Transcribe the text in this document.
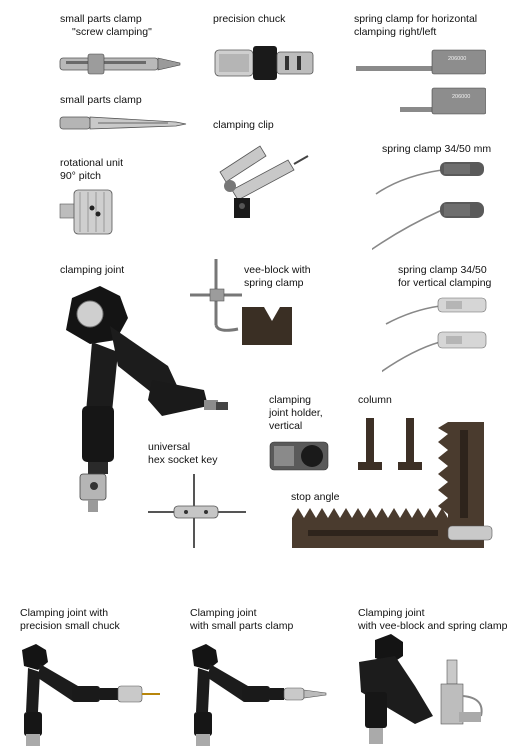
small parts clamp
"screw clamping"
precision chuck	spring clamp for horizontal
clamping right/left
small parts clamp
clamping clip
spring clamp 34/50 mm
rotational unit
90° pitch
clamping joint	vee-block with
spring clamp
spring clamp 34/50
for vertical clamping
clamping
joint holder,
vertical
column
universal
hex socket key
stop angle
Clamping joint with
precision small chuck
Clamping joint
with small parts clamp
Clamping joint
with vee-block and spring clamp
206000
206000
